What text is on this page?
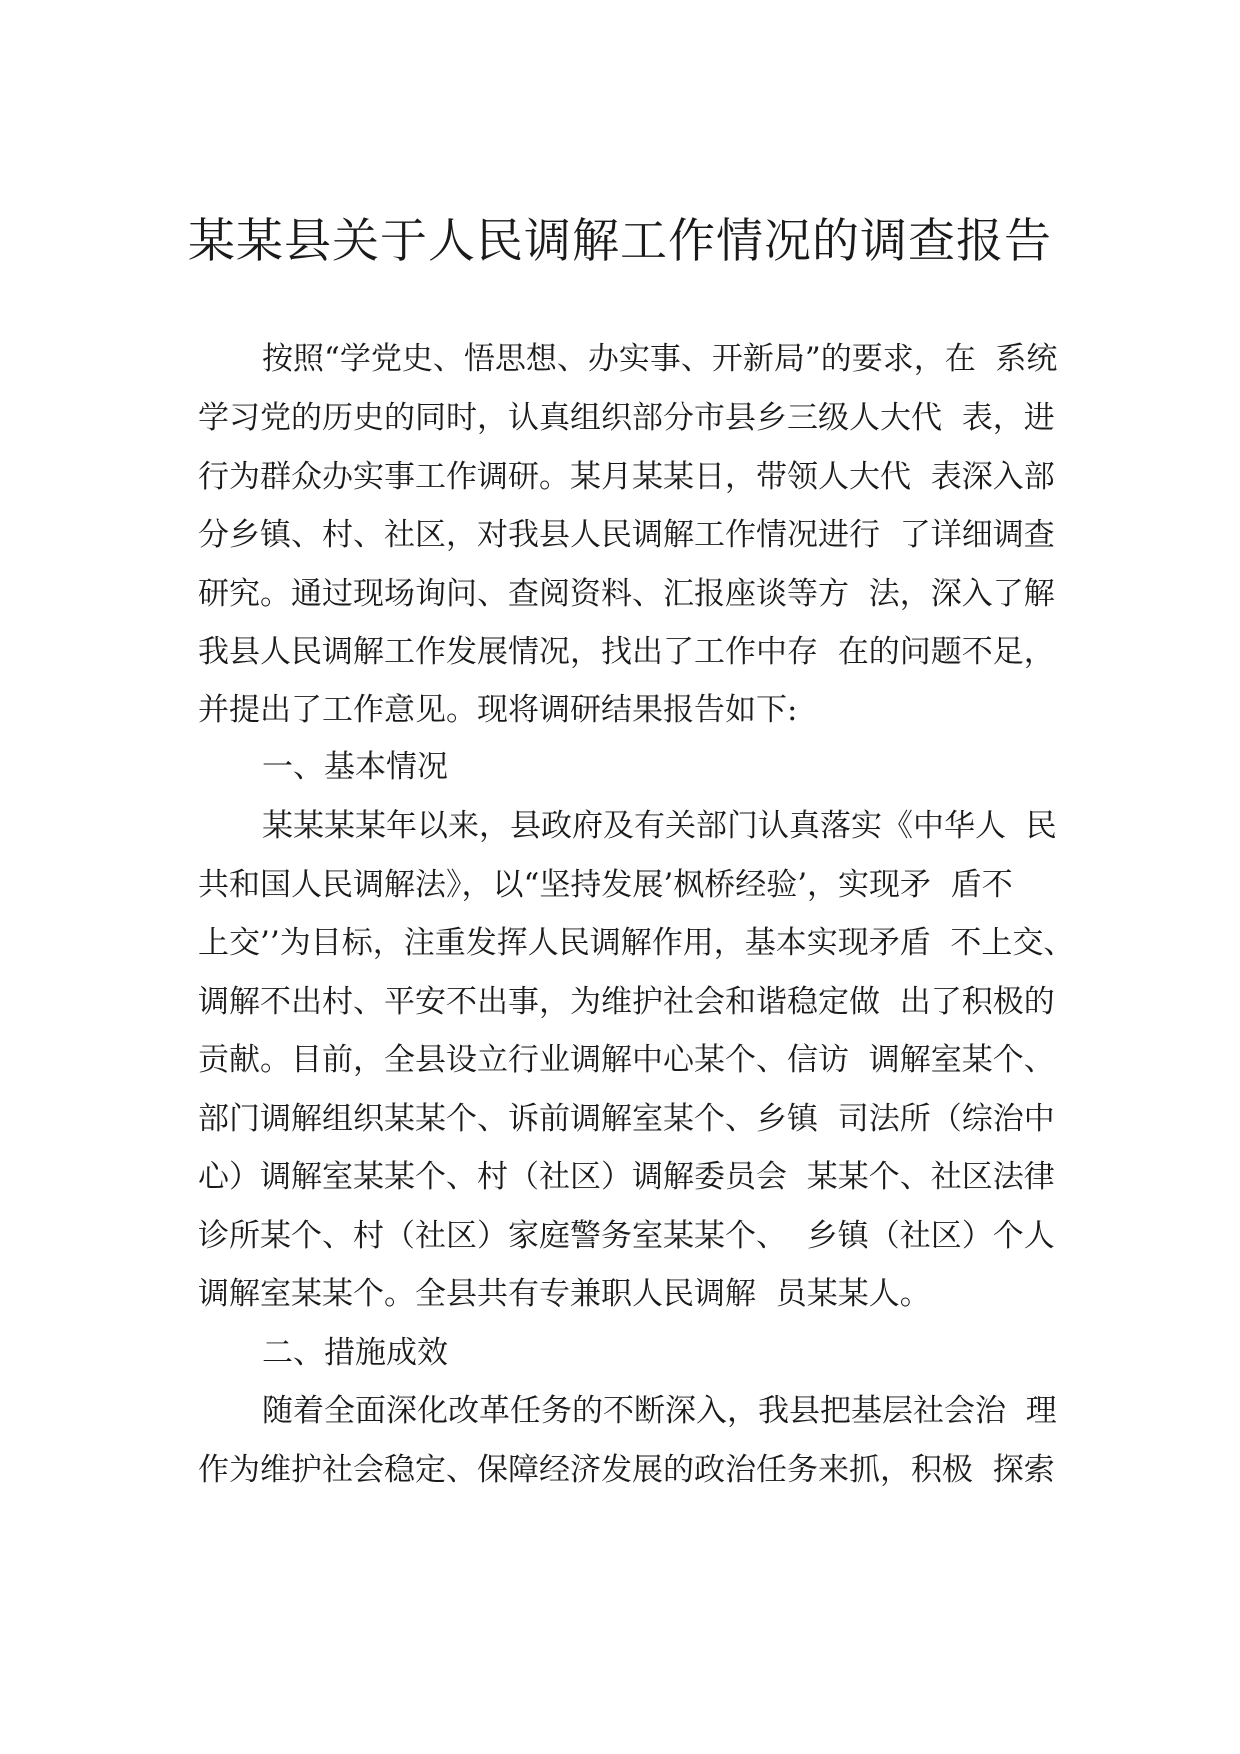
某某县关于人民调解工作情况的调查报告
按照“学党史、悟思想、办实事、开新局”的要求，在  系统
学习党的历史的同时，认真组织部分市县乡三级人大代  表，进
行为群众办实事工作调研。某月某某日，带领人大代  表深入部
分乡镇、村、社区，对我县人民调解工作情况进行  了详细调查
研究。通过现场询问、查阅资料、汇报座谈等方  法，深入了解
我县人民调解工作发展情况，找出了工作中存  在的问题不足，
并提出了工作意见。现将调研结果报告如下:
一、基本情况
某某某某年以来，县政府及有关部门认真落实《中华人  民
共和国人民调解法》，以“坚持发展’枫桥经验’，实现矛  盾不
上交’’为目标，注重发挥人民调解作用，基本实现矛盾  不上交、
调解不出村、平安不出事，为维护社会和谐稳定做  出了积极的
贡献。目前，全县设立行业调解中心某个、信访  调解室某个、
部门调解组织某某个、诉前调解室某个、乡镇  司法所（综治中
心）调解室某某个、村（社区）调解委员会  某某个、社区法律
诊所某个、村（社区）家庭警务室某某个、  乡镇（社区）个人
调解室某某个。全县共有专兼职人民调解  员某某人。
二、措施成效
随着全面深化改革任务的不断深入，我县把基层社会治  理
作为维护社会稳定、保障经济发展的政治任务来抓，积极  探索
